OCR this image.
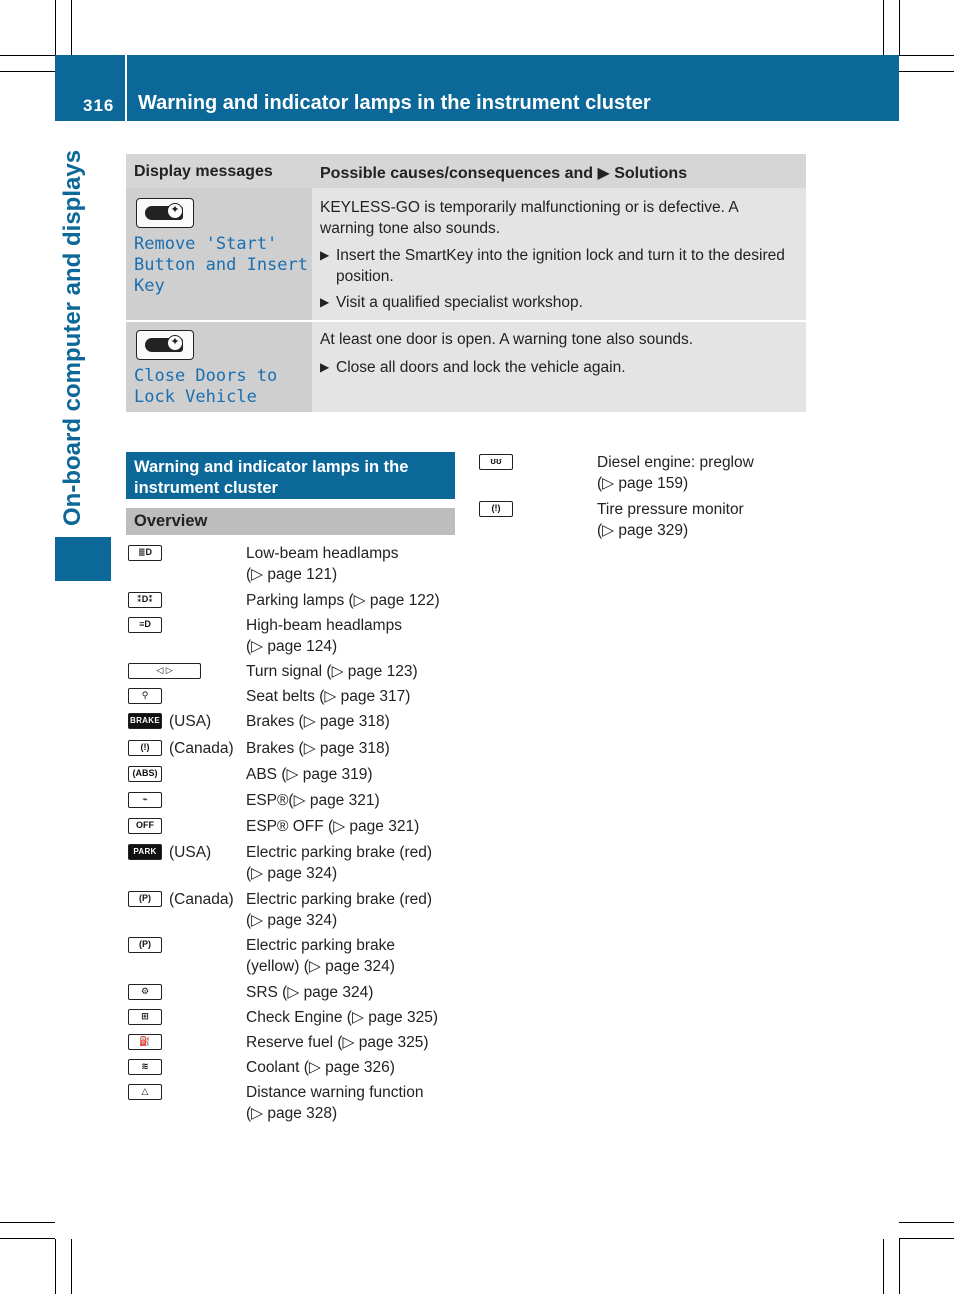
316 Warning and indicator lamps in the instrument cluster
On-board computer and displays	Display messages	Possible causes/consequences and ▶ Solutions
✦
Remove 'Start'
Button and Insert
Key
KEYLESS-GO is temporarily malfunctioning or is defective. A warning tone also sounds.
▶ Insert the SmartKey into the ignition lock and turn it to the desired position.
▶ Visit a qualified specialist workshop.
✦
Close Doors to
Lock Vehicle
At least one door is open. A warning tone also sounds.
▶ Close all doors and lock the vehicle again.
Warning and indicator lamps in the instrument cluster
Overview
≣D	Low-beam headlamps
(▷ page 121)
⁑D⁑	Parking lamps (▷ page 122)
≡D	High-beam headlamps
(▷ page 124)
◁ ▷	Turn signal (▷ page 123)
⚲	Seat belts (▷ page 317)
BRAKE (USA) Brakes (▷ page 318)
(!)	(Canada) Brakes (▷ page 318)
(ABS)	ABS (▷ page 319)
⌁	ESP®(▷ page 321)
OFF	ESP® OFF (▷ page 321)
PARK (USA) Electric parking brake (red)
(▷ page 324)
(P)	(Canada) Electric parking brake (red)
(▷ page 324)
(P)	Electric parking brake
(yellow) (▷ page 324)
⚙	SRS (▷ page 324)
⊞	Check Engine (▷ page 325)
⛽	Reserve fuel (▷ page 325)
≋	Coolant (▷ page 326)
△	Distance warning function
(▷ page 328)
ʊʊ	Diesel engine: preglow
(▷ page 159)
(!)	Tire pressure monitor
(▷ page 329)
